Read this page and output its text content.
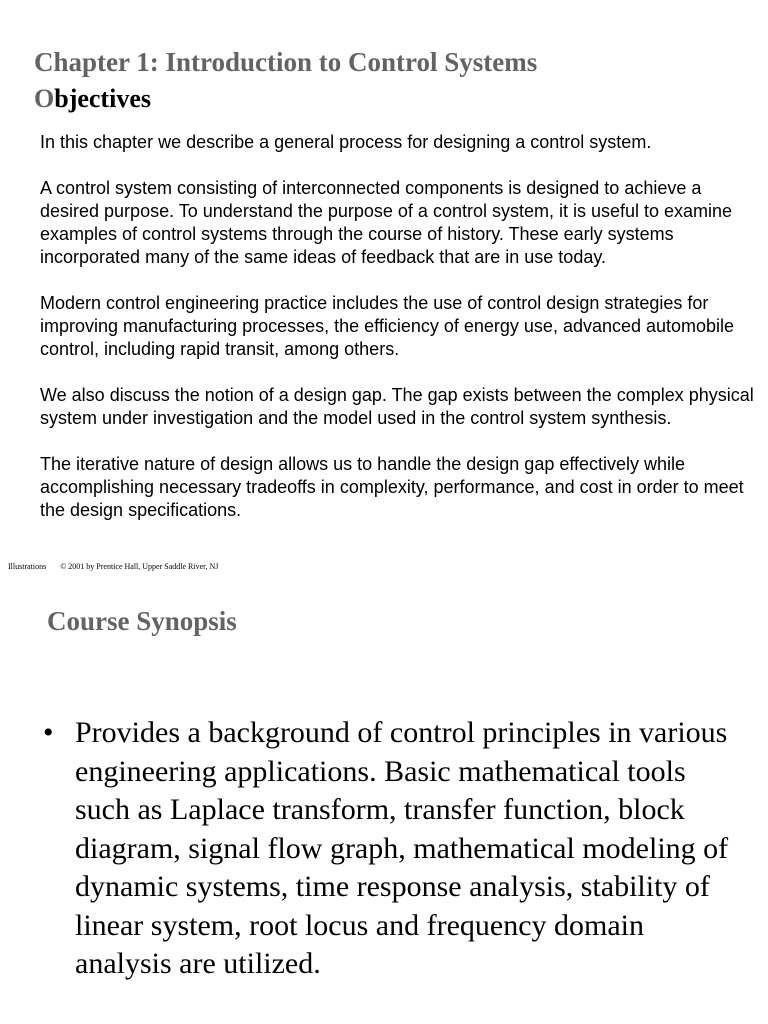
Chapter 1: Introduction to Control Systems
Objectives

In this chapter we describe a general process for designing a control system.

A control system consisting of interconnected components is designed to achieve a desired purpose. To understand the purpose of a control system, it is useful to examine examples of control systems through the course of history. These early systems incorporated many of the same ideas of feedback that are in use today.

Modern control engineering practice includes the use of control design strategies for improving manufacturing processes, the efficiency of energy use, advanced automobile control, including rapid transit, among others.

We also discuss the notion of a design gap. The gap exists between the complex physical system under investigation and the model used in the control system synthesis.

The iterative nature of design allows us to handle the design gap effectively while accomplishing necessary tradeoffs in complexity, performance, and cost in order to meet the design specifications.

Illustrations © 2001 by Prentice Hall, Upper Saddle River, NJ
Course Synopsis
• Provides a background of control principles in various engineering applications. Basic mathematical tools such as Laplace transform, transfer function, block diagram, signal flow graph, mathematical modeling of dynamic systems, time response analysis, stability of linear system, root locus and frequency domain analysis are utilized.
